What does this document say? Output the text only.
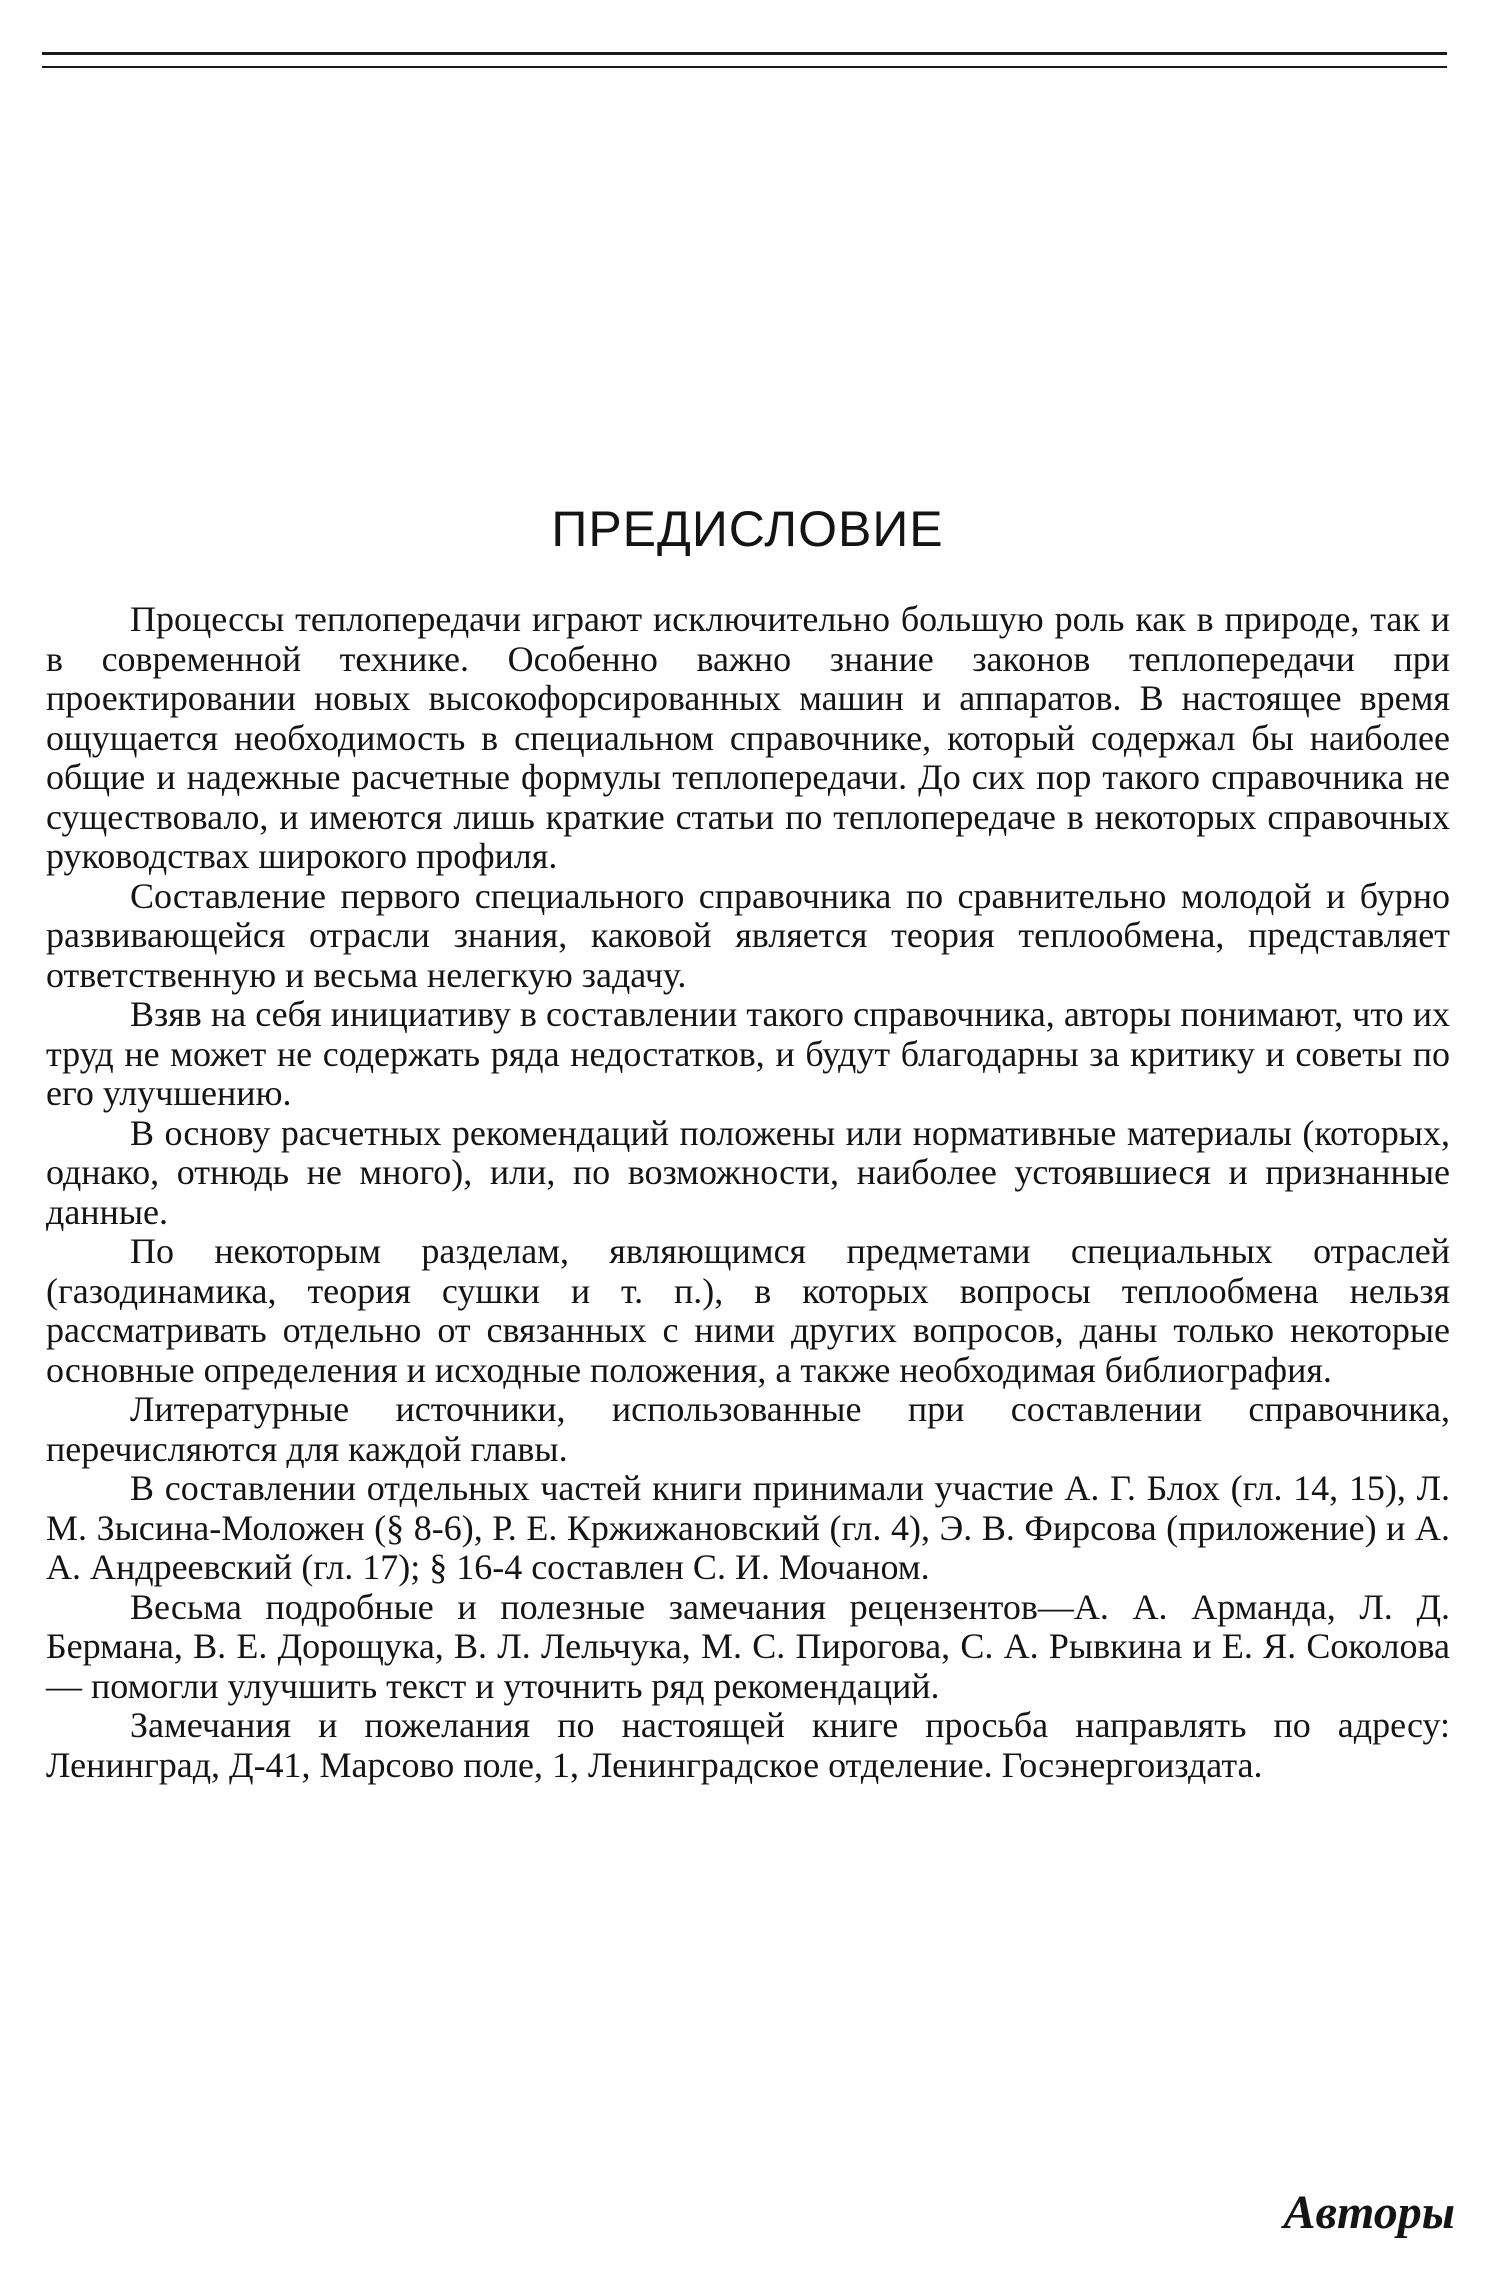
ПРЕДИСЛОВИЕ

Процессы теплопередачи играют исключительно большую роль как в природе, так и в современной технике. Особенно важно знание законов теплопередачи при проектировании новых высокофорсированных машин и аппаратов. В настоящее время ощущается необходимость в специальном справочнике, который содержал бы наиболее общие и надежные расчетные формулы теплопередачи. До сих пор такого справочника не существовало, и имеются лишь краткие статьи по теплопередаче в некоторых справочных руководствах широкого профиля.

Составление первого специального справочника по сравнительно молодой и бурно развивающейся отрасли знания, каковой является теория теплообмена, представляет ответственную и весьма нелегкую задачу.

Взяв на себя инициативу в составлении такого справочника, авторы понимают, что их труд не может не содержать ряда недостатков, и будут благодарны за критику и советы по его улучшению.

В основу расчетных рекомендаций положены или нормативные материалы (которых, однако, отнюдь не много), или, по возможности, наиболее устоявшиеся и признанные данные.

По некоторым разделам, являющимся предметами специальных отраслей (газодинамика, теория сушки и т. п.), в которых вопросы теплообмена нельзя рассматривать отдельно от связанных с ними других вопросов, даны только некоторые основные определения и исходные положения, а также необходимая библиография.

Литературные источники, использованные при составлении справочника, перечисляются для каждой главы.

В составлении отдельных частей книги принимали участие А. Г. Блох (гл. 14, 15), Л. М. Зысина-Моложен (§ 8-6), Р. Е. Кржижановский (гл. 4), Э. В. Фирсова (приложение) и А. А. Андреевский (гл. 17); § 16-4 составлен С. И. Мочаном.

Весьма подробные и полезные замечания рецензентов—А. А. Арманда, Л. Д. Бермана, В. Е. Дорощука, В. Л. Лельчука, М. С. Пирогова, С. А. Рывкина и Е. Я. Соколова — помогли улучшить текст и уточнить ряд рекомендаций.

Замечания и пожелания по настоящей книге просьба направлять по адресу: Ленинград, Д-41, Марсово поле, 1, Ленинградское отделение. Госэнергоиздата.

Авторы
